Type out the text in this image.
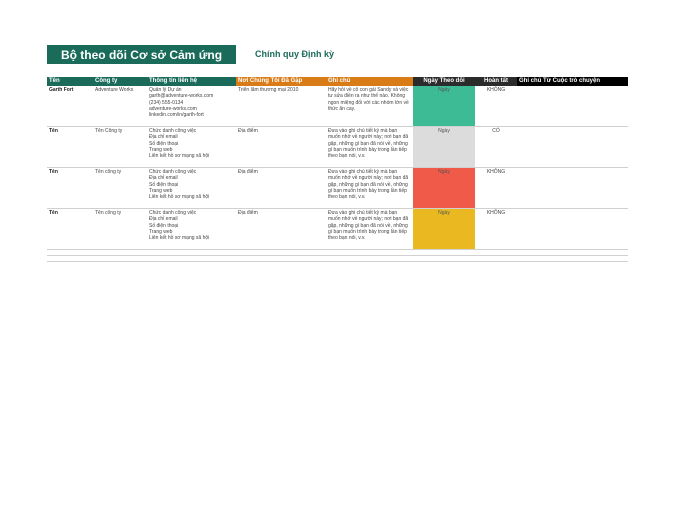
Bộ theo dõi Cơ sở Cảm ứng	Chính quy Định kỳ
Tên	Công ty	Thông tin liên hệ	Nơi Chúng Tôi Đã Gặp	Ghi chú	Ngày Theo dõi	Hoàn tất	Ghi chú Từ Cuộc trò chuyện
Garth Fort	Adventure Works	Quản lý Dự án
garth@adventure-works.com
(234) 555-0134
adventure-works.com
linkedin.com/in/garth-fort	Triển lãm thương mại 2010	Hãy hỏi về cô con gái Sandy và việc tư sửa điền ra như thế nào. Không ngon miệng đối với các nhóm lớn về thức ăn cay.	Ngày	KHÔNG	
Tên	Tên Công ty	Chức danh công việc
Địa chỉ email
Số điện thoại
Trang web
Liên kết hồ sơ mạng xã hội	Địa điểm	Đưa vào ghi chú tiết kỳ mà bạn muốn nhớ về người này; nơi bạn đã gặp, những gì bạn đã nói về, những gì bạn muốn trình bày trong lần tiếp theo bạn nói, v.v.	Ngày	CÓ	
Tên	Tên công ty	Chức danh công việc
Địa chỉ email
Số điện thoại
Trang web
Liên kết hồ sơ mạng xã hội	Địa điểm	Đưa vào ghi chú tiết kỳ mà bạn muốn nhớ về người này; nơi bạn đã gặp, những gì bạn đã nói về, những gì bạn muốn trình bày trong lần tiếp theo bạn nói, v.v.	Ngày	KHÔNG	
Tên	Tên công ty	Chức danh công việc
Địa chỉ email
Số điện thoại
Trang web
Liên kết hồ sơ mạng xã hội	Địa điểm	Đưa vào ghi chú tiết kỳ mà bạn muốn nhớ về người này; nơi bạn đã gặp, những gì bạn đã nói về, những gì bạn muốn trình bày trong lần tiếp theo bạn nói, v.v.	Ngày	KHÔNG	
